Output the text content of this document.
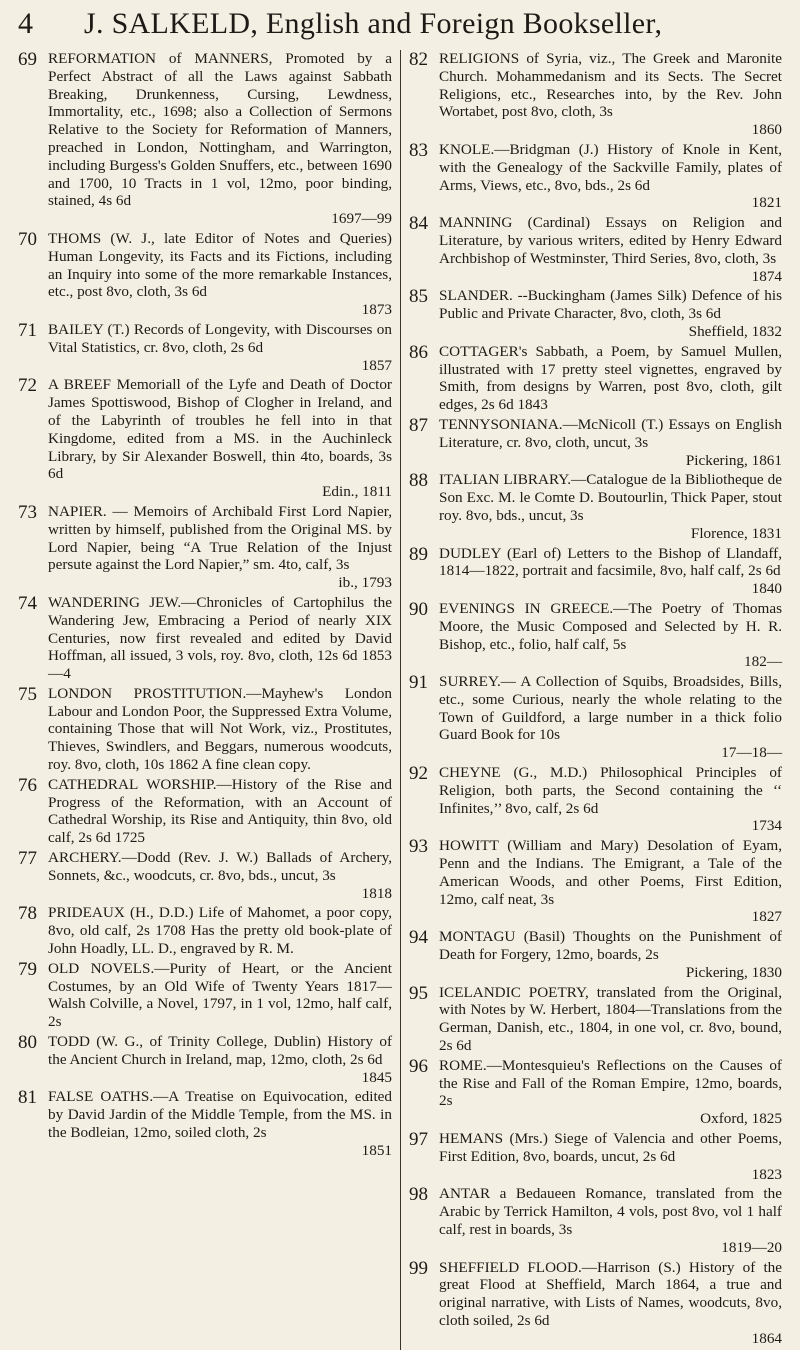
4	J. SALKELD, English and Foreign Bookseller,
69 REFORMATION of MANNERS, Promoted by a Perfect Abstract of all the Laws against Sabbath Breaking, Drunkenness, Cursing, Lewdness, Immortality, etc., 1698; also a Collection of Sermons Relative to the Society for Reformation of Manners, preached in London, Nottingham, and Warrington, including Burgess's Golden Snuffers, etc., between 1690 and 1700, 10 Tracts in 1 vol, 12mo, poor binding, stained, 4s 6d
1697—99
70 THOMS (W. J., late Editor of Notes and Queries) Human Longevity, its Facts and its Fictions, including an Inquiry into some of the more remarkable Instances, etc., post 8vo, cloth, 3s 6d
1873
71 BAILEY (T.) Records of Longevity, with Discourses on Vital Statistics, cr. 8vo, cloth, 2s 6d
1857
72 A BREEF Memoriall of the Lyfe and Death of Doctor James Spottiswood, Bishop of Clogher in Ireland, and of the Labyrinth of troubles he fell into in that Kingdome, edited from a MS. in the Auchinleck Library, by Sir Alexander Boswell, thin 4to, boards, 3s 6d
Edin., 1811
73 NAPIER. — Memoirs of Archibald First Lord Napier, written by himself, published from the Original MS. by Lord Napier, being “A True Relation of the Injust persute against the Lord Napier,” sm. 4to, calf, 3s
ib., 1793
74 WANDERING JEW.—Chronicles of Cartophilus the Wandering Jew, Embracing a Period of nearly XIX Centuries, now first revealed and edited by David Hoffman, all issued, 3 vols, roy. 8vo, cloth, 12s 6d 1853—4
75 LONDON PROSTITUTION.—Mayhew's London Labour and London Poor, the Suppressed Extra Volume, containing Those that will Not Work, viz., Prostitutes, Thieves, Swindlers, and Beggars, numerous woodcuts, roy. 8vo, cloth, 10s 1862 A fine clean copy.
76 CATHEDRAL WORSHIP.—History of the Rise and Progress of the Reformation, with an Account of Cathedral Worship, its Rise and Antiquity, thin 8vo, old calf, 2s 6d 1725
77 ARCHERY.—Dodd (Rev. J. W.) Ballads of Archery, Sonnets, &c., woodcuts, cr. 8vo, bds., uncut, 3s
1818
78 PRIDEAUX (H., D.D.) Life of Mahomet, a poor copy, 8vo, old calf, 2s 1708 Has the pretty old book-plate of John Hoadly, LL. D., engraved by R. M.
79 OLD NOVELS.—Purity of Heart, or the Ancient Costumes, by an Old Wife of Twenty Years 1817—Walsh Colville, a Novel, 1797, in 1 vol, 12mo, half calf, 2s
80 TODD (W. G., of Trinity College, Dublin) History of the Ancient Church in Ireland, map, 12mo, cloth, 2s 6d
1845
81 FALSE OATHS.—A Treatise on Equivocation, edited by David Jardin of the Middle Temple, from the MS. in the Bodleian, 12mo, soiled cloth, 2s
1851
82 RELIGIONS of Syria, viz., The Greek and Maronite Church. Mohammedanism and its Sects. The Secret Religions, etc., Researches into, by the Rev. John Wortabet, post 8vo, cloth, 3s
1860
83 KNOLE.—Bridgman (J.) History of Knole in Kent, with the Genealogy of the Sackville Family, plates of Arms, Views, etc., 8vo, bds., 2s 6d
1821
84 MANNING (Cardinal) Essays on Religion and Literature, by various writers, edited by Henry Edward Archbishop of Westminster, Third Series, 8vo, cloth, 3s
1874
85 SLANDER. --Buckingham (James Silk) Defence of his Public and Private Character, 8vo, cloth, 3s 6d
Sheffield, 1832
86 COTTAGER's Sabbath, a Poem, by Samuel Mullen, illustrated with 17 pretty steel vignettes, engraved by Smith, from designs by Warren, post 8vo, cloth, gilt edges, 2s 6d 1843
87 TENNYSONIANA.—McNicoll (T.) Essays on English Literature, cr. 8vo, cloth, uncut, 3s
Pickering, 1861
88 ITALIAN LIBRARY.—Catalogue de la Bibliotheque de Son Exc. M. le Comte D. Boutourlin, Thick Paper, stout roy. 8vo, bds., uncut, 3s
Florence, 1831
89 DUDLEY (Earl of) Letters to the Bishop of Llandaff, 1814—1822, portrait and facsimile, 8vo, half calf, 2s 6d
1840
90 EVENINGS IN GREECE.—The Poetry of Thomas Moore, the Music Composed and Selected by H. R. Bishop, etc., folio, half calf, 5s
182—
91 SURREY.— A Collection of Squibs, Broadsides, Bills, etc., some Curious, nearly the whole relating to the Town of Guildford, a large number in a thick folio Guard Book for 10s
17—18—
92 CHEYNE (G., M.D.) Philosophical Principles of Religion, both parts, the Second containing the ‘‘ Infinites,’’ 8vo, calf, 2s 6d
1734
93 HOWITT (William and Mary) Desolation of Eyam, Penn and the Indians. The Emigrant, a Tale of the American Woods, and other Poems, First Edition, 12mo, calf neat, 3s
1827
94 MONTAGU (Basil) Thoughts on the Punishment of Death for Forgery, 12mo, boards, 2s
Pickering, 1830
95 ICELANDIC POETRY, translated from the Original, with Notes by W. Herbert, 1804—Translations from the German, Danish, etc., 1804, in one vol, cr. 8vo, bound, 2s 6d
96 ROME.—Montesquieu's Reflections on the Causes of the Rise and Fall of the Roman Empire, 12mo, boards, 2s
Oxford, 1825
97 HEMANS (Mrs.) Siege of Valencia and other Poems, First Edition, 8vo, boards, uncut, 2s 6d
1823
98 ANTAR a Bedaueen Romance, translated from the Arabic by Terrick Hamilton, 4 vols, post 8vo, vol 1 half calf, rest in boards, 3s
1819—20
99 SHEFFIELD FLOOD.—Harrison (S.) History of the great Flood at Sheffield, March 1864, a true and original narrative, with Lists of Names, woodcuts, 8vo, cloth soiled, 2s 6d
1864
